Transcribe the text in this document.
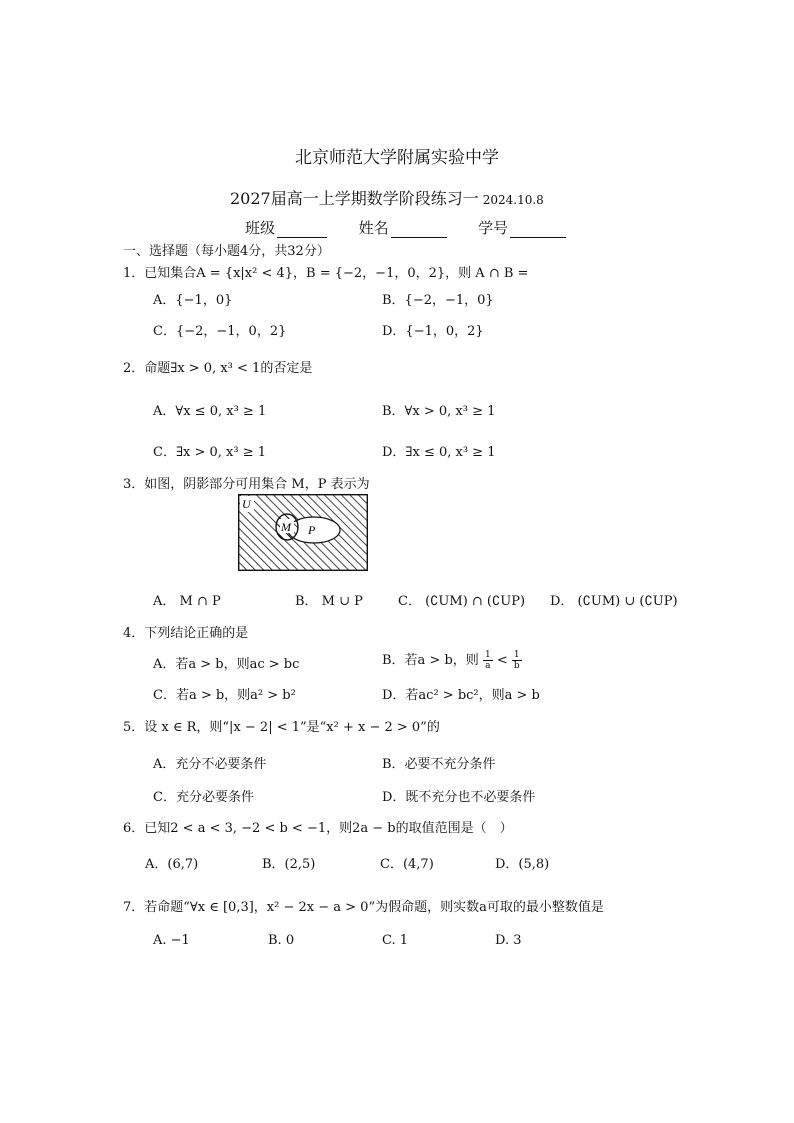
北京师范大学附属实验中学
2027届高一上学期数学阶段练习一 2024.10.8
班级	姓名	学号
一、选择题（每小题4分，共32分）
1．已知集合A = {x|x² < 4}，B = {−2，−1，0，2}，则 A ∩ B =
A．{−1，0}	B．{−2，−1，0}
C．{−2，−1，0，2}	D．{−1，0，2}
2．命题∃x > 0, x³ < 1的否定是
A．∀x ≤ 0, x³ ≥ 1	B．∀x > 0, x³ ≥ 1
C．∃x > 0, x³ ≥ 1	D．∃x ≤ 0, x³ ≥ 1
3．如图，阴影部分可用集合 M，P 表示为
U
M P
A． M ∩ P	B． M ∪ P	C． (∁UM) ∩ (∁UP) D． (∁UM) ∪ (∁UP)
4．下列结论正确的是
A．若a > b，则ac > bc	B．若a > b，则 $\frac{1}{a} < \frac{1}{b}$
C．若a > b，则a² > b²	D．若ac² > bc²，则a > b
5．设 x ∈ R，则“|x − 2| < 1”是“x² + x − 2 > 0”的
A．充分不必要条件	B．必要不充分条件
C．充分必要条件	D．既不充分也不必要条件
6．已知2 < a < 3, −2 < b < −1，则2a − b的取值范围是（　）
A．(6,7)	B．(2,5)	C．(4,7)	D．(5,8)
7．若命题“∀x ∈ [0,3]，x² − 2x − a > 0”为假命题，则实数a可取的最小整数值是
A. −1	B. 0	C. 1	D. 3
